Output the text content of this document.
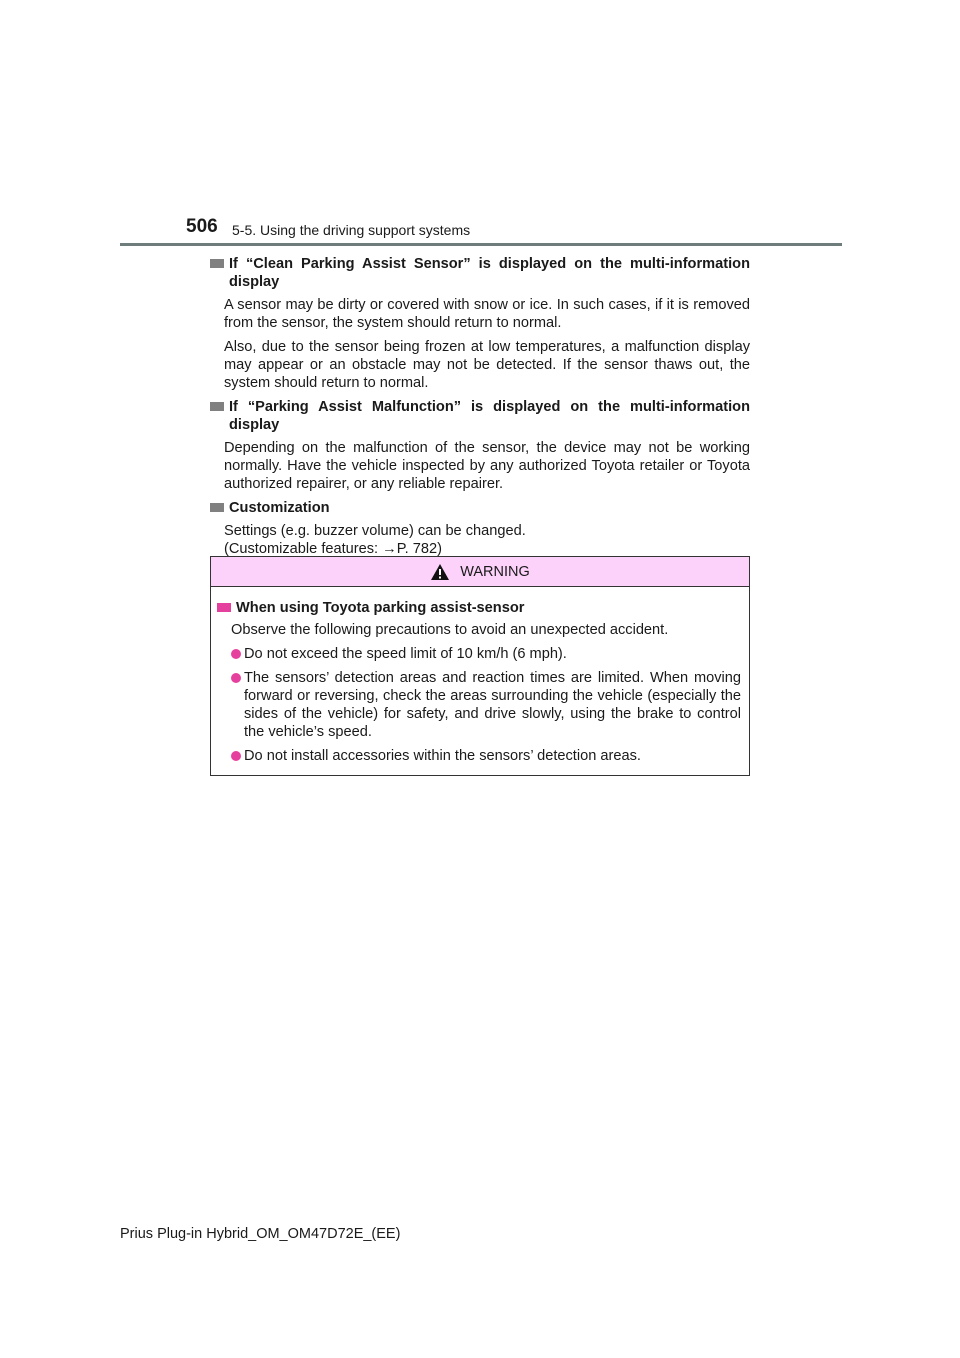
506 5-5. Using the driving support systems
If “Clean Parking Assist Sensor” is displayed on the multi-information display

A sensor may be dirty or covered with snow or ice. In such cases, if it is removed from the sensor, the system should return to normal.

Also, due to the sensor being frozen at low temperatures, a malfunction display may appear or an obstacle may not be detected. If the sensor thaws out, the system should return to normal.

If “Parking Assist Malfunction” is displayed on the multi-information display

Depending on the malfunction of the sensor, the device may not be working normally. Have the vehicle inspected by any authorized Toyota retailer or Toyota authorized repairer, or any reliable repairer.

Customization

Settings (e.g. buzzer volume) can be changed.

(Customizable features: →P. 782)

WARNING
When using Toyota parking assist-sensor

Observe the following precautions to avoid an unexpected accident.

Do not exceed the speed limit of 10 km/h (6 mph).
The sensors’ detection areas and reaction times are limited. When moving forward or reversing, check the areas surrounding the vehicle (especially the sides of the vehicle) for safety, and drive slowly, using the brake to control the vehicle’s speed.
Do not install accessories within the sensors’ detection areas.
Prius Plug-in Hybrid_OM_OM47D72E_(EE)
